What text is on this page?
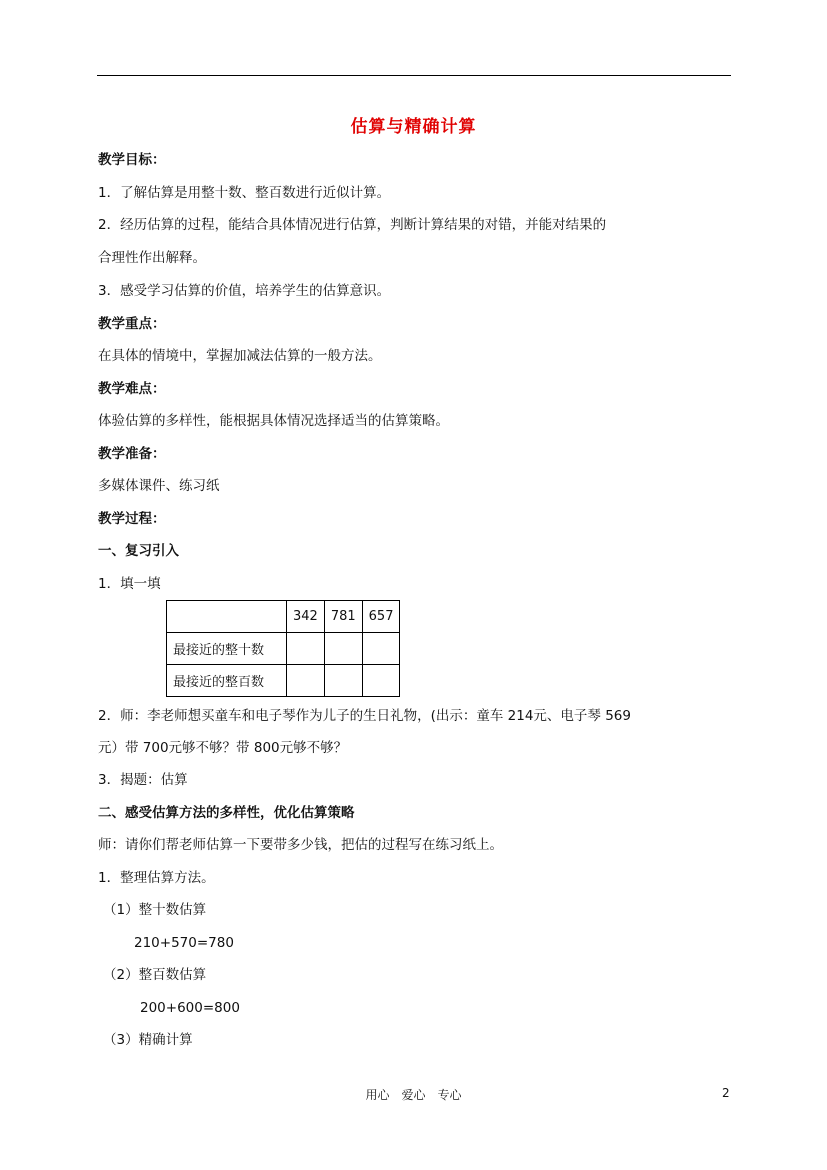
估算与精确计算
教学目标：
1．了解估算是用整十数、整百数进行近似计算。
2．经历估算的过程，能结合具体情况进行估算，判断计算结果的对错，并能对结果的
合理性作出解释。
3．感受学习估算的价值，培养学生的估算意识。
教学重点：
在具体的情境中，掌握加减法估算的一般方法。
教学难点：
体验估算的多样性，能根据具体情况选择适当的估算策略。
教学准备：
多媒体课件、练习纸
教学过程：
一、复习引入
1．填一填
	342	781	657
最接近的整十数			
最接近的整百数			
2．师：李老师想买童车和电子琴作为儿子的生日礼物，(出示：童车 214元、电子琴 569
元）带 700元够不够？带 800元够不够？
3．揭题：估算
二、感受估算方法的多样性，优化估算策略
师：请你们帮老师估算一下要带多少钱，把估的过程写在练习纸上。
1．整理估算方法。
（1）整十数估算
210+570=780
（2）整百数估算
200+600=800
（3）精确计算
用心　爱心　专心	2
